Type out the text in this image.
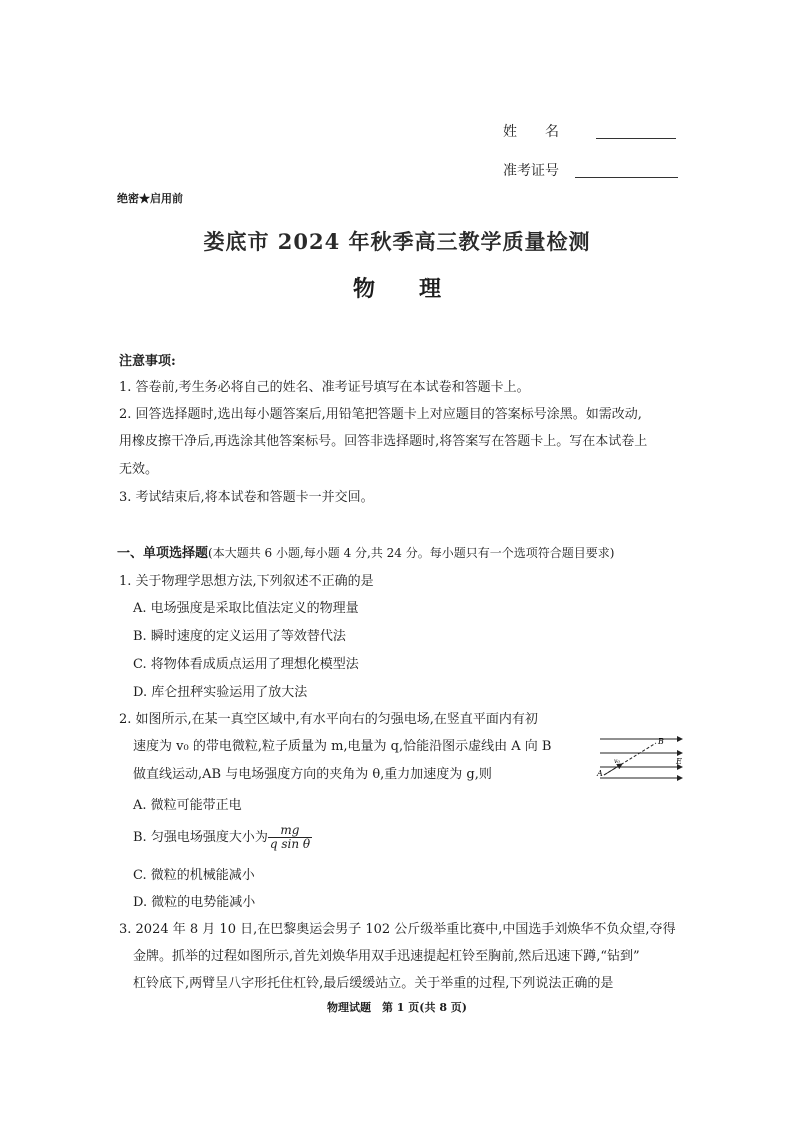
姓　　名
准考证号
绝密★启用前
娄底市 2024 年秋季高三教学质量检测
物　　理
注意事项:
1. 答卷前,考生务必将自己的姓名、准考证号填写在本试卷和答题卡上。
2. 回答选择题时,选出每小题答案后,用铅笔把答题卡上对应题目的答案标号涂黑。如需改动,
用橡皮擦干净后,再选涂其他答案标号。回答非选择题时,将答案写在答题卡上。写在本试卷上
无效。
3. 考试结束后,将本试卷和答题卡一并交回。
一、单项选择题(本大题共 6 小题,每小题 4 分,共 24 分。每小题只有一个选项符合题目要求)
1. 关于物理学思想方法,下列叙述不正确的是
A. 电场强度是采取比值法定义的物理量
B. 瞬时速度的定义运用了等效替代法
C. 将物体看成质点运用了理想化模型法
D. 库仑扭秤实验运用了放大法
2. 如图所示,在某一真空区域中,有水平向右的匀强电场,在竖直平面内有初
速度为 v₀ 的带电微粒,粒子质量为 m,电量为 q,恰能沿图示虚线由 A 向 B
做直线运动,AB 与电场强度方向的夹角为 θ,重力加速度为 g,则
A. 微粒可能带正电
B. 匀强电场强度大小为 $\frac{mg}{\text{q sin θ}}$
C. 微粒的机械能减小
D. 微粒的电势能减小
A
B
E
v₀
3. 2024 年 8 月 10 日,在巴黎奥运会男子 102 公斤级举重比赛中,中国选手刘焕华不负众望,夺得
金牌。抓举的过程如图所示,首先刘焕华用双手迅速提起杠铃至胸前,然后迅速下蹲,“钻到”
杠铃底下,两臂呈八字形托住杠铃,最后缓缓站立。关于举重的过程,下列说法正确的是
物理试题　第 1 页(共 8 页)
